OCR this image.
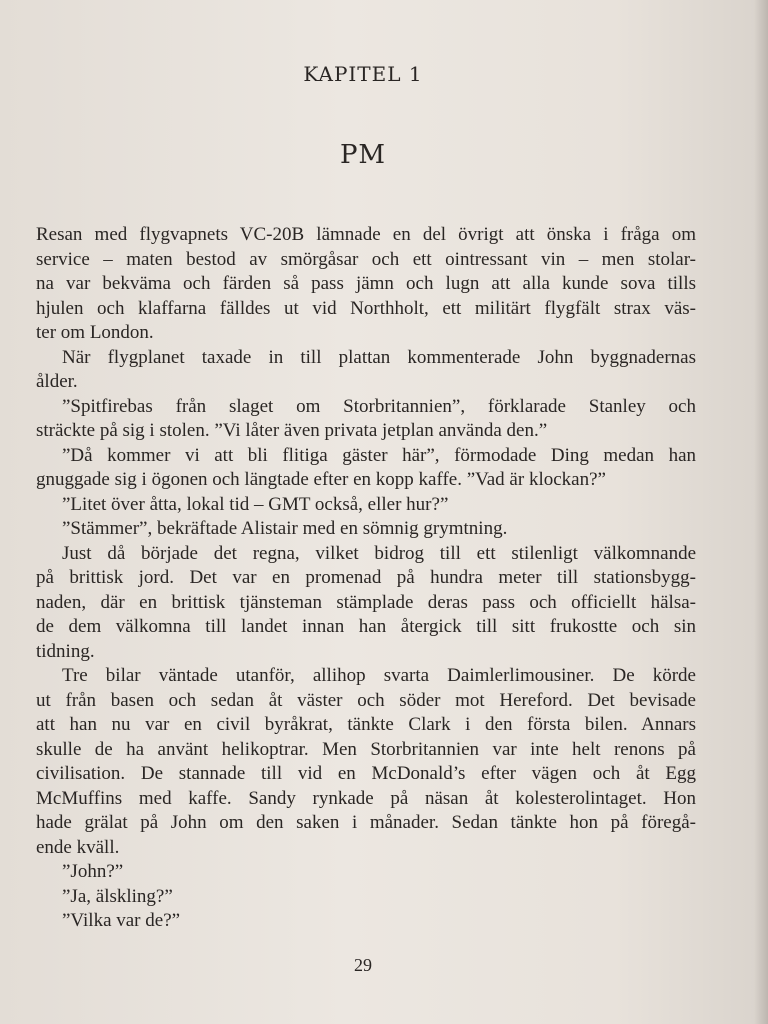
KAPITEL 1
PM
Resan med flygvapnets VC-20B lämnade en del övrigt att önska i fråga om
service – maten bestod av smörgåsar och ett ointressant vin – men stolar-
na var bekväma och färden så pass jämn och lugn att alla kunde sova tills
hjulen och klaffarna fälldes ut vid Northholt, ett militärt flygfält strax väs-
ter om London.
När flygplanet taxade in till plattan kommenterade John byggnadernas
ålder.
”Spitfirebas från slaget om Storbritannien”, förklarade Stanley och
sträckte på sig i stolen. ”Vi låter även privata jetplan använda den.”
”Då kommer vi att bli flitiga gäster här”, förmodade Ding medan han
gnuggade sig i ögonen och längtade efter en kopp kaffe. ”Vad är klockan?”
”Litet över åtta, lokal tid – GMT också, eller hur?”
”Stämmer”, bekräftade Alistair med en sömnig grymtning.
Just då började det regna, vilket bidrog till ett stilenligt välkomnande
på brittisk jord. Det var en promenad på hundra meter till stationsbygg-
naden, där en brittisk tjänsteman stämplade deras pass och officiellt hälsa-
de dem välkomna till landet innan han återgick till sitt frukostte och sin
tidning.
Tre bilar väntade utanför, allihop svarta Daimlerlimousiner. De körde
ut från basen och sedan åt väster och söder mot Hereford. Det bevisade
att han nu var en civil byråkrat, tänkte Clark i den första bilen. Annars
skulle de ha använt helikoptrar. Men Storbritannien var inte helt renons på
civilisation. De stannade till vid en McDonald’s efter vägen och åt Egg
McMuffins med kaffe. Sandy rynkade på näsan åt kolesterolintaget. Hon
hade grälat på John om den saken i månader. Sedan tänkte hon på föregå-
ende kväll.
”John?”
”Ja, älskling?”
”Vilka var de?”
29
